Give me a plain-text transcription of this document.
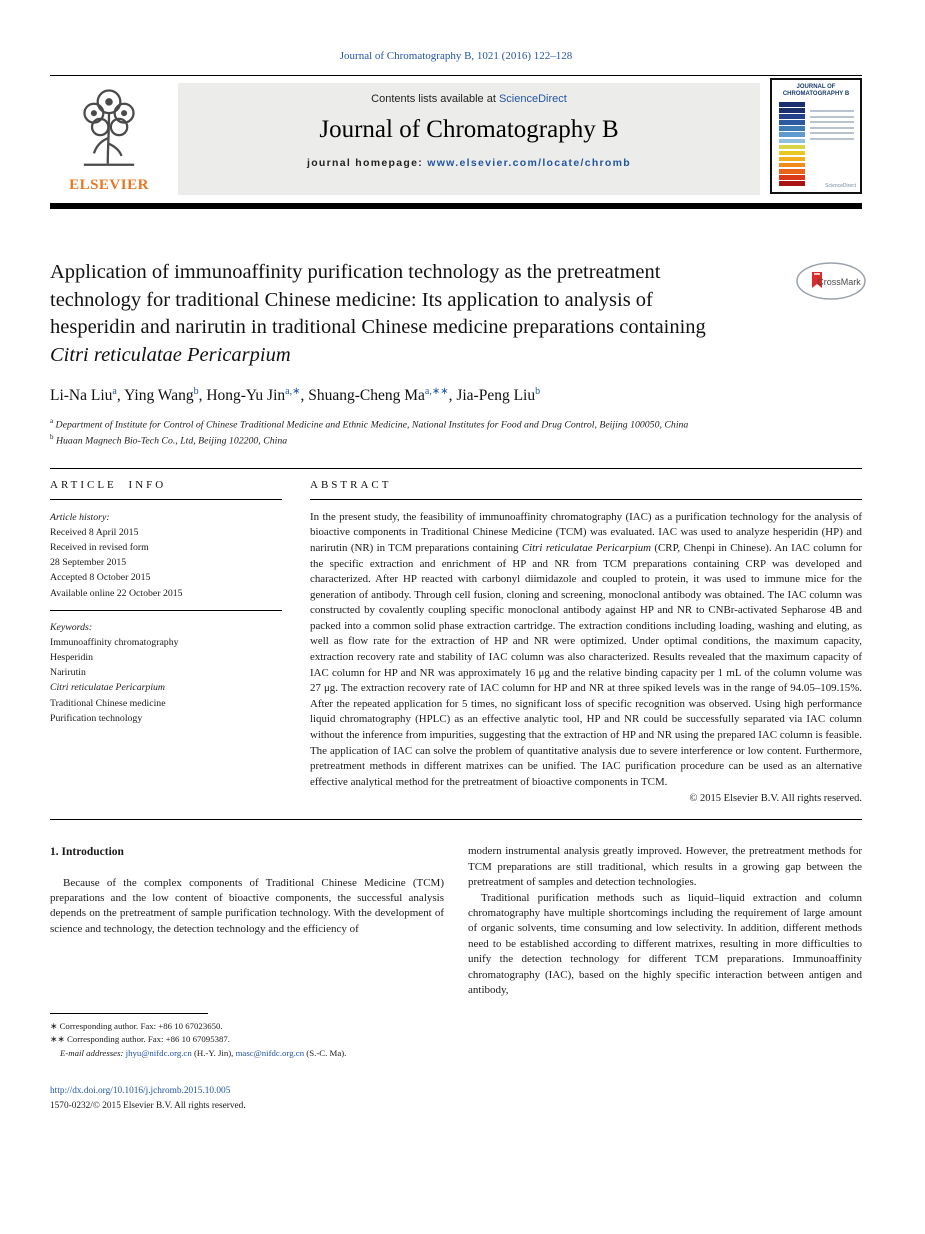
Journal of Chromatography B, 1021 (2016) 122–128
ELSEVIER
Contents lists available at ScienceDirect
Journal of Chromatography B
journal homepage: www.elsevier.com/locate/chromb
JOURNAL OF CHROMATOGRAPHY B
ScienceDirect
Application of immunoaffinity purification technology as the pretreatment technology for traditional Chinese medicine: Its application to analysis of hesperidin and narirutin in traditional Chinese medicine preparations containing Citri reticulatae Pericarpium
CrossMark
Li-Na Liu$^a$, Ying Wang$^b$, Hong-Yu Jin$^{a,∗}$, Shuang-Cheng $Ma^{a,∗∗}$, Jia-Peng Liu$^b$
$^a$ Department of Institute for Control of Chinese Traditional Medicine and Ethnic Medicine, National Institutes for Food and Drug Control, Beijing 100050, China
$^b$ Huaan Magnech Bio-Tech Co., Ltd, Beijing 102200, China
ARTICLE INFO
Article history:
Received 8 April 2015
Received in revised form
28 September 2015
Accepted 8 October 2015
Available online 22 October 2015
Keywords:
Immunoaffinity chromatography
Hesperidin
Narirutin
Citri reticulatae Pericarpium
Traditional Chinese medicine
Purification technology
ABSTRACT
In the present study, the feasibility of immunoaffinity chromatography (IAC) as a purification technology for the analysis of bioactive components in Traditional Chinese Medicine (TCM) was evaluated. IAC was used to analyze hesperidin (HP) and narirutin (NR) in TCM preparations containing Citri reticulatae Pericarpium (CRP, Chenpi in Chinese). An IAC column for the specific extraction and enrichment of HP and NR from TCM preparations containing CRP was developed and characterized. After HP reacted with carbonyl diimidazole and coupled to protein, it was used to immune mice for the generation of antibody. Through cell fusion, cloning and screening, monoclonal antibody was obtained. The IAC column was constructed by covalently coupling specific monoclonal antibody against HP and NR to CNBr-activated Sepharose 4B and packed into a common solid phase extraction cartridge. The extraction conditions including loading, washing and eluting, as well as flow rate for the extraction of HP and NR were optimized. Under optimal conditions, the maximum capacity, extraction recovery rate and stability of IAC column was also characterized. Results revealed that the maximum capacity of IAC column for HP and NR was approximately 16 μg and the relative binding capacity per 1 mL of the column volume was 27 μg. The extraction recovery rate of IAC column for HP and NR at three spiked levels was in the range of 94.05–109.15%. After the repeated application for 5 times, no significant loss of specific recognition was observed. Using high performance liquid chromatography (HPLC) as an effective analytic tool, HP and NR could be successfully separated via IAC column without the inference from impurities, suggesting that the extraction of HP and NR using the prepared IAC column is feasible. The application of IAC can solve the problem of quantitative analysis due to severe interference or low content. Furthermore, pretreatment methods in different matrixes can be unified. The IAC purification procedure can be used as an alternative effective analytical method for the pretreatment of bioactive components in TCM.
© 2015 Elsevier B.V. All rights reserved.
1. Introduction

Because of the complex components of Traditional Chinese Medicine (TCM) preparations and the low content of bioactive components, the successful analysis depends on the pretreatment of sample purification technology. With the development of science and technology, the detection technology and the efficiency of

∗ Corresponding author. Fax: +86 10 67023650.
∗∗ Corresponding author. Fax: +86 10 67095387.
E-mail addresses: jhyu@nifdc.org.cn (H.-Y. Jin), masc@nifdc.org.cn (S.-C. Ma).

modern instrumental analysis greatly improved. However, the pretreatment methods for TCM preparations are still traditional, which results in a growing gap between the pretreatment of samples and detection technologies.

Traditional purification methods such as liquid–liquid extraction and column chromatography have multiple shortcomings including the requirement of large amount of organic solvents, time consuming and low selectivity. In addition, different methods need to be established according to different matrixes, resulting in more difficulties to unify the detection technology for different TCM preparations. Immunoaffinity chromatography (IAC), based on the highly specific interaction between antigen and antibody,

http://dx.doi.org/10.1016/j.jchromb.2015.10.005
1570-0232/© 2015 Elsevier B.V. All rights reserved.
